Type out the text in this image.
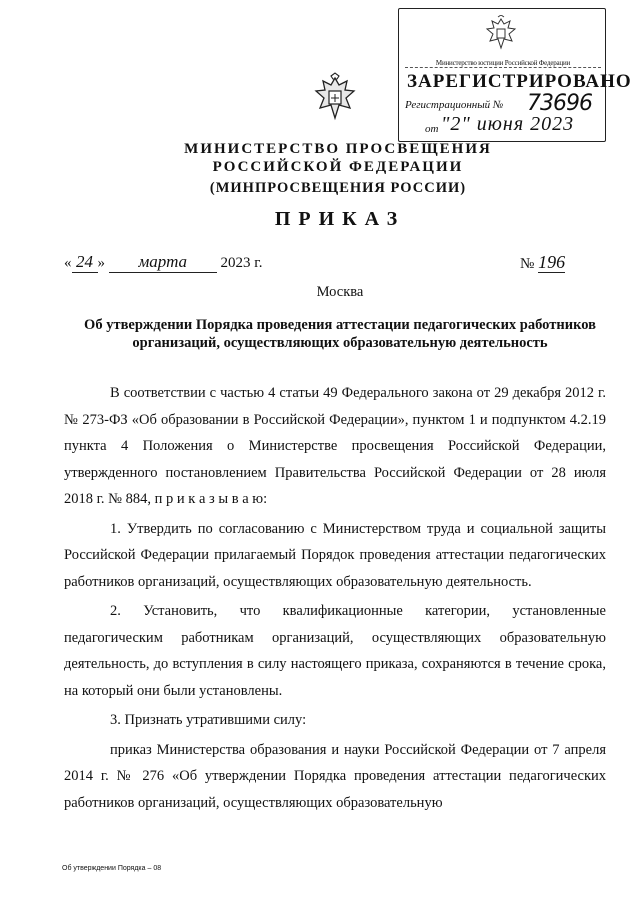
Министерство юстиции Российской Федерации
ЗАРЕГИСТРИРОВАНО
Регистрационный № 73696
от "2" июня 2023
МИНИСТЕРСТВО ПРОСВЕЩЕНИЯ
РОССИЙСКОЙ ФЕДЕРАЦИИ
(МИНПРОСВЕЩЕНИЯ РОССИИ)
ПРИКАЗ
« 24 » марта 2023 г.	№ 196
Москва
Об утверждении Порядка проведения аттестации педагогических работников
организаций, осуществляющих образовательную деятельность

В соответствии с частью 4 статьи 49 Федерального закона от 29 декабря 2012 г. № 273-ФЗ «Об образовании в Российской Федерации», пунктом 1 и подпунктом 4.2.19 пункта 4 Положения о Министерстве просвещения Российской Федерации, утвержденного постановлением Правительства Российской Федерации от 28 июля 2018 г. № 884, п р и к а з ы в а ю:

1. Утвердить по согласованию с Министерством труда и социальной защиты Российской Федерации прилагаемый Порядок проведения аттестации педагогических работников организаций, осуществляющих образовательную деятельность.

2. Установить, что квалификационные категории, установленные педагогическим работникам организаций, осуществляющих образовательную деятельность, до вступления в силу настоящего приказа, сохраняются в течение срока, на который они были установлены.

3. Признать утратившими силу:

приказ Министерства образования и науки Российской Федерации от 7 апреля 2014 г. № 276 «Об утверждении Порядка проведения аттестации педагогических работников организаций, осуществляющих образовательную

Об утверждении Порядка – 08
